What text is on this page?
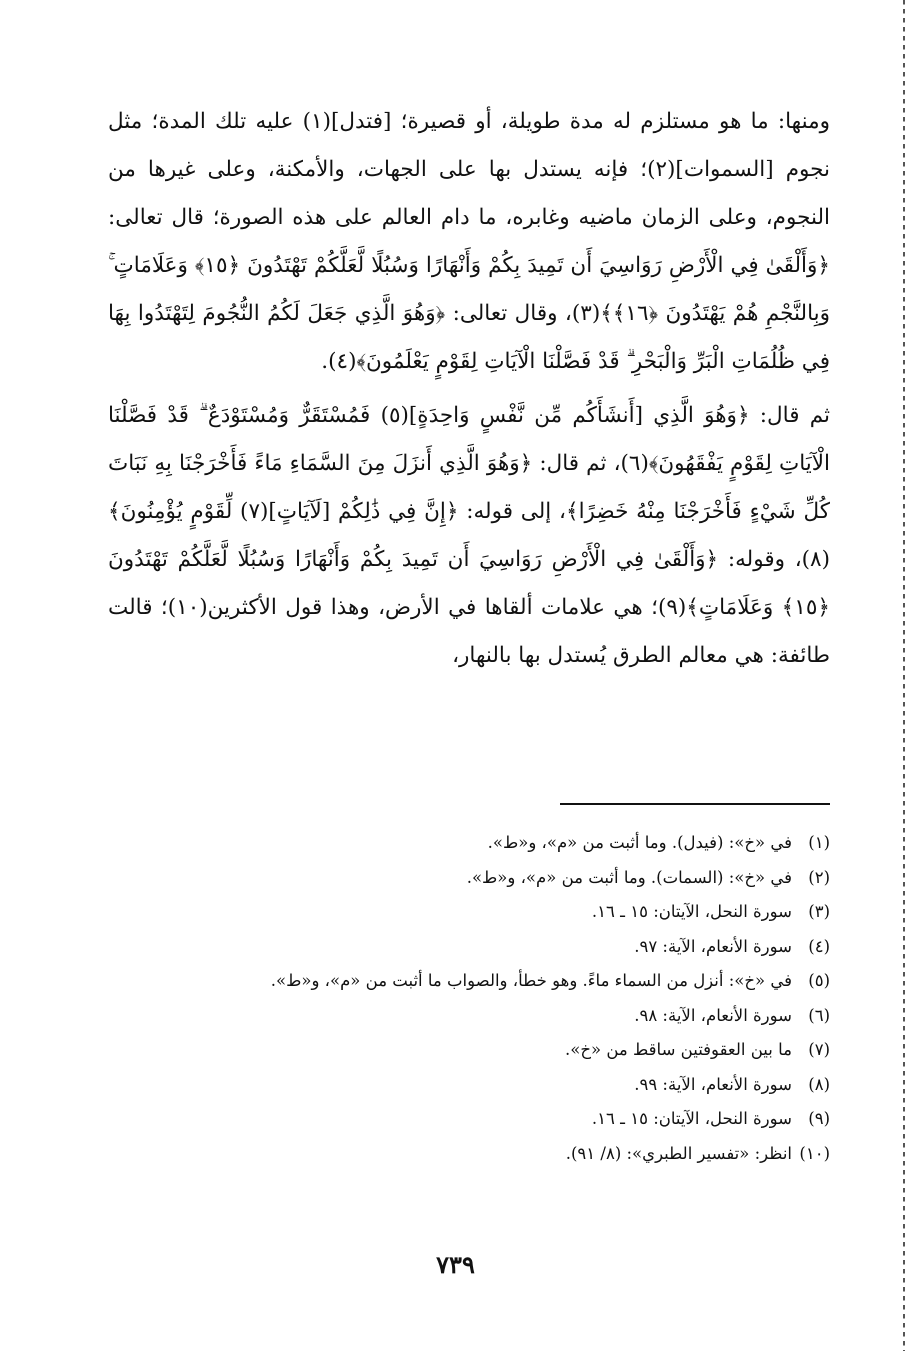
ومنها: ما هو مستلزم له مدة طويلة، أو قصيرة؛ [فتدل](١) عليه تلك المدة؛ مثل نجوم [السموات](٢)؛ فإنه يستدل بها على الجهات، والأمكنة، وعلى غيرها من النجوم، وعلى الزمان ماضيه وغابره، ما دام العالم على هذه الصورة؛ قال تعالى: ﴿وَأَلْقَىٰ فِي الْأَرْضِ رَوَاسِيَ أَن تَمِيدَ بِكُمْ وَأَنْهَارًا وَسُبُلًا لَّعَلَّكُمْ تَهْتَدُونَ ﴿١٥﴾ وَعَلَامَاتٍ ۚ وَبِالنَّجْمِ هُمْ يَهْتَدُونَ ﴿١٦﴾﴾(٣)، وقال تعالى: ﴿وَهُوَ الَّذِي جَعَلَ لَكُمُ النُّجُومَ لِتَهْتَدُوا بِهَا فِي ظُلُمَاتِ الْبَرِّ وَالْبَحْرِ ۗ قَدْ فَصَّلْنَا الْآيَاتِ لِقَوْمٍ يَعْلَمُونَ﴾(٤).

ثم قال: ﴿وَهُوَ الَّذِي [أَنشَأَكُم مِّن نَّفْسٍ وَاحِدَةٍ](٥) فَمُسْتَقَرٌّ وَمُسْتَوْدَعٌ ۗ قَدْ فَصَّلْنَا الْآيَاتِ لِقَوْمٍ يَفْقَهُونَ﴾(٦)، ثم قال: ﴿وَهُوَ الَّذِي أَنزَلَ مِنَ السَّمَاءِ مَاءً فَأَخْرَجْنَا بِهِ نَبَاتَ كُلِّ شَيْءٍ فَأَخْرَجْنَا مِنْهُ خَضِرًا﴾، إلى قوله: ﴿إِنَّ فِي ذَٰلِكُمْ [لَآيَاتٍ](٧) لِّقَوْمٍ يُؤْمِنُونَ﴾(٨)، وقوله: ﴿وَأَلْقَىٰ فِي الْأَرْضِ رَوَاسِيَ أَن تَمِيدَ بِكُمْ وَأَنْهَارًا وَسُبُلًا لَّعَلَّكُمْ تَهْتَدُونَ ﴿١٥﴾ وَعَلَامَاتٍ﴾(٩)؛ هي علامات ألقاها في الأرض، وهذا قول الأكثرين(١٠)؛ قالت طائفة: هي معالم الطرق يُستدل بها بالنهار،

(١)في «خ»: (فيدل). وما أثبت من «م»، و«ط».
(٢)في «خ»: (السمات). وما أثبت من «م»، و«ط».
(٣)سورة النحل، الآيتان: ١٥ ـ ١٦.
(٤)سورة الأنعام، الآية: ٩٧.
(٥)في «خ»: أنزل من السماء ماءً. وهو خطأ، والصواب ما أثبت من «م»، و«ط».
(٦)سورة الأنعام، الآية: ٩٨.
(٧)ما بين العقوفتين ساقط من «خ».
(٨)سورة الأنعام، الآية: ٩٩.
(٩)سورة النحل، الآيتان: ١٥ ـ ١٦.
(١٠)انظر: «تفسير الطبري»: (٨/ ٩١).
٧٣٩
